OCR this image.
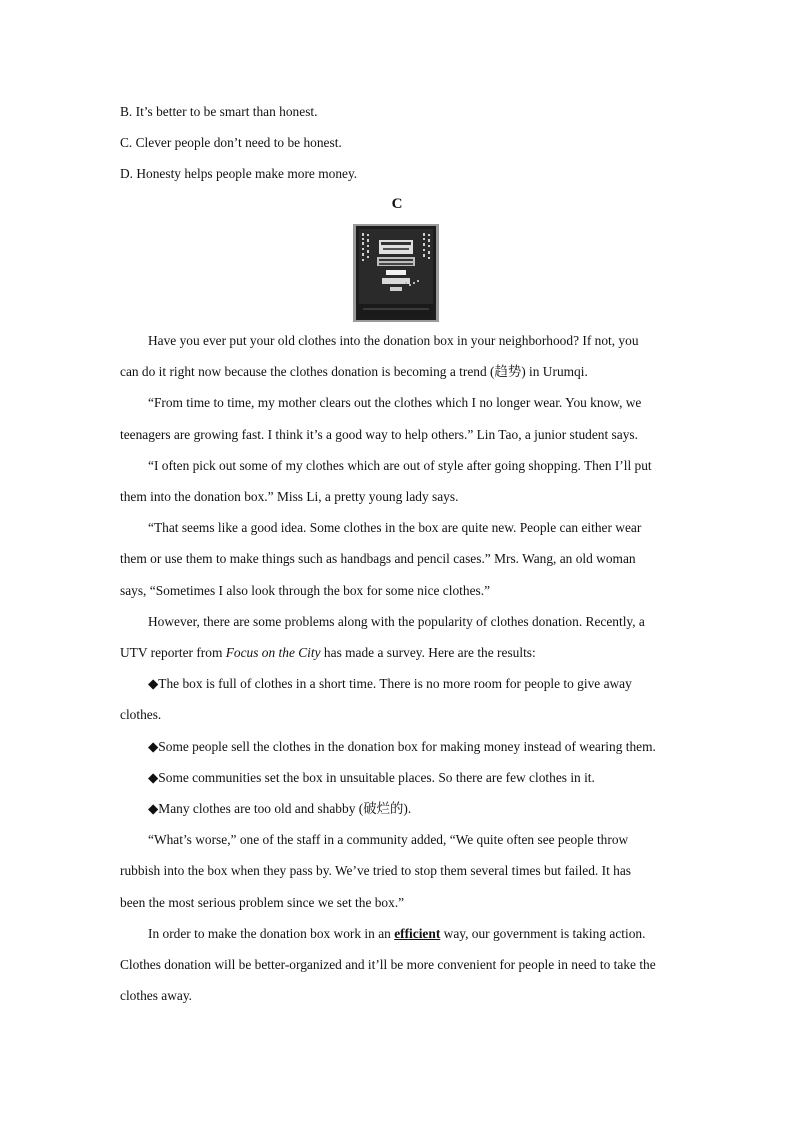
B. It’s better to be smart than honest.
C. Clever people don’t need to be honest.
D. Honesty helps people make more money.
C

Have you ever put your old clothes into the donation box in your neighborhood? If not, you

can do it right now because the clothes donation is becoming a trend (趋势) in Urumqi.

“From time to time, my mother clears out the clothes which I no longer wear. You know, we

teenagers are growing fast. I think it’s a good way to help others.” Lin Tao, a junior student says.

“I often pick out some of my clothes which are out of style after going shopping. Then I’ll put

them into the donation box.” Miss Li, a pretty young lady says.

“That seems like a good idea. Some clothes in the box are quite new. People can either wear

them or use them to make things such as handbags and pencil cases.” Mrs. Wang, an old woman

says, “Sometimes I also look through the box for some nice clothes.”

However, there are some problems along with the popularity of clothes donation. Recently, a

UTV reporter from Focus on the City has made a survey. Here are the results:

◆The box is full of clothes in a short time. There is no more room for people to give away

clothes.

◆Some people sell the clothes in the donation box for making money instead of wearing them.

◆Some communities set the box in unsuitable places. So there are few clothes in it.

◆Many clothes are too old and shabby (破烂的).

“What’s worse,” one of the staff in a community added, “We quite often see people throw

rubbish into the box when they pass by. We’ve tried to stop them several times but failed. It has

been the most serious problem since we set the box.”

In order to make the donation box work in an efficient way, our government is taking action.

Clothes donation will be better-organized and it’ll be more convenient for people in need to take the

clothes away.
